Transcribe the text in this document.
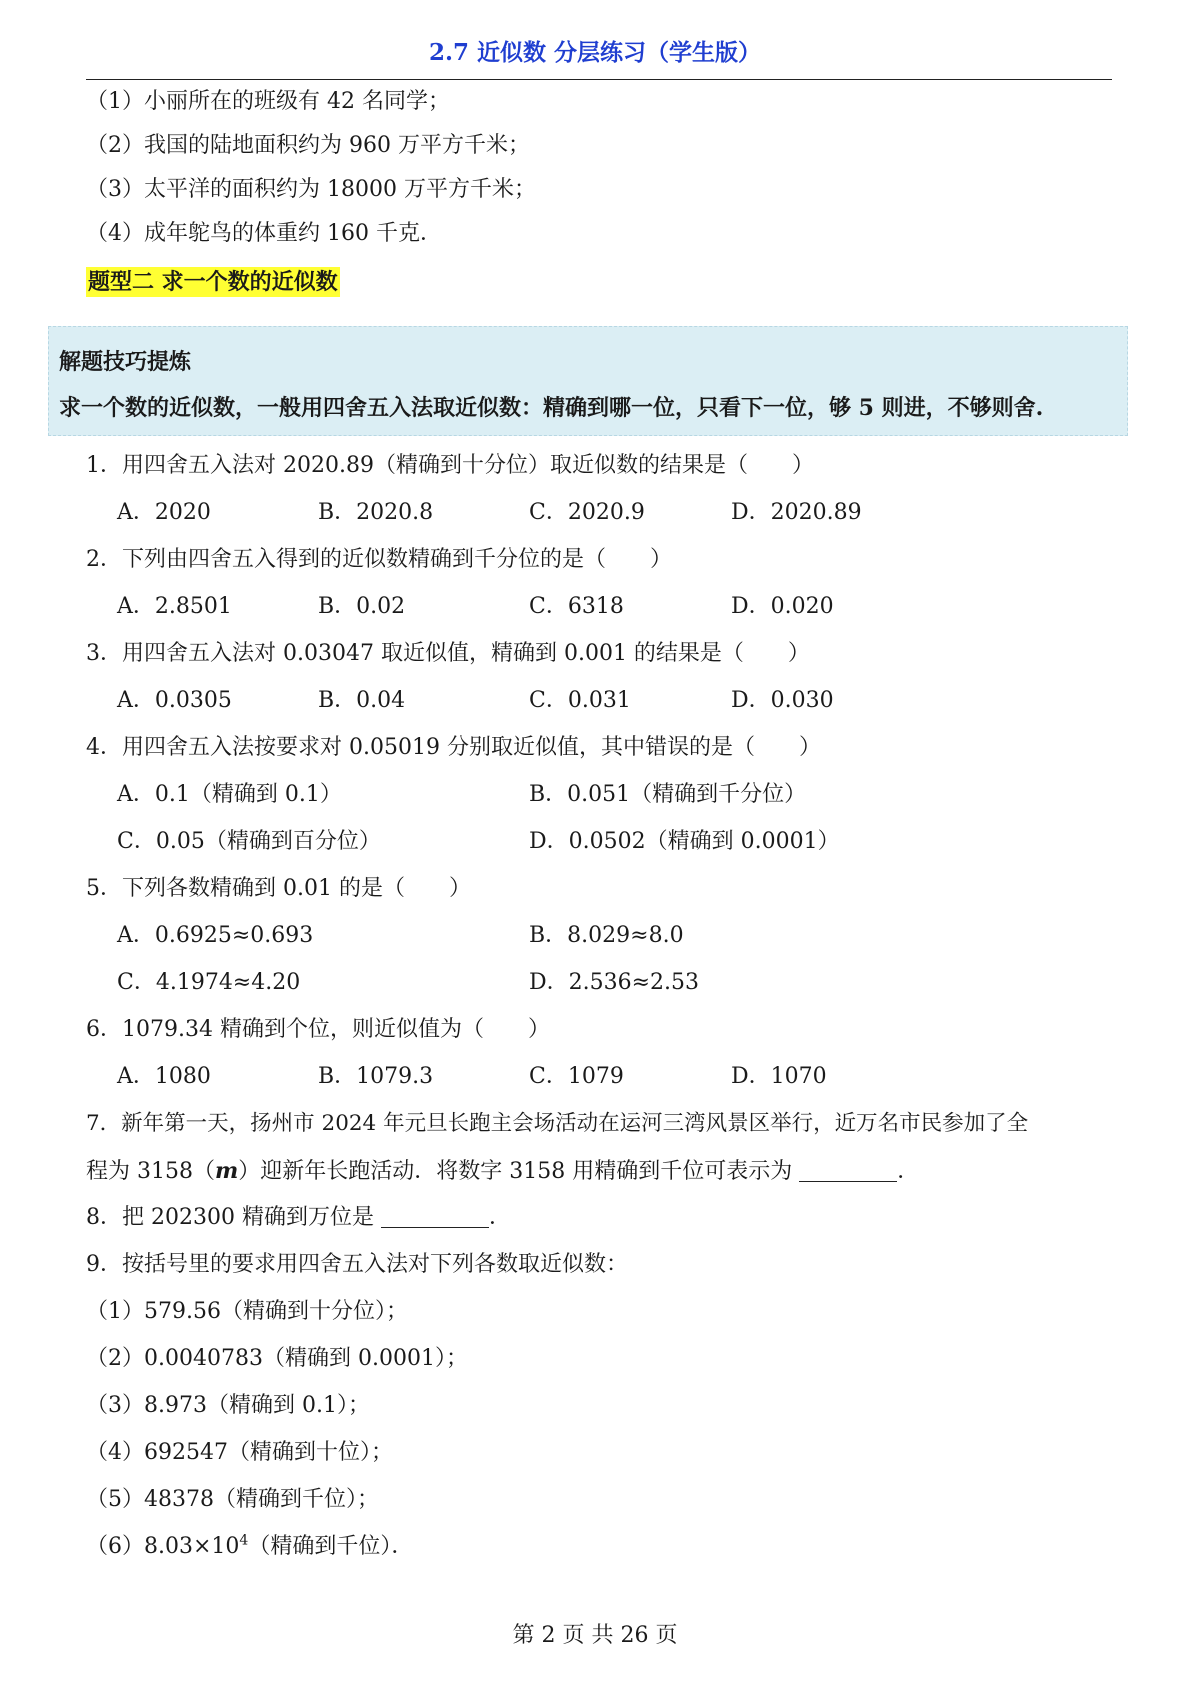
2.7 近似数 分层练习（学生版）
（1）小丽所在的班级有 42 名同学；
（2）我国的陆地面积约为 960 万平方千米；
（3）太平洋的面积约为 18000 万平方千米；
（4）成年鸵鸟的体重约 160 千克．
题型二 求一个数的近似数
解题技巧提炼
求一个数的近似数，一般用四舍五入法取近似数：精确到哪一位，只看下一位，够 5 则进，不够则舍.
1．用四舍五入法对 2020.89（精确到十分位）取近似数的结果是（　　）
A．2020	B．2020.8	C．2020.9	D．2020.89
2．下列由四舍五入得到的近似数精确到千分位的是（　　）
A．2.8501	B．0.02	C．6318	D．0.020
3．用四舍五入法对 0.03047 取近似值，精确到 0.001 的结果是（　　）
A．0.0305	B．0.04	C．0.031	D．0.030
4．用四舍五入法按要求对 0.05019 分别取近似值，其中错误的是（　　）
A．0.1（精确到 0.1）	B．0.051（精确到千分位）
C．0.05（精确到百分位）	D．0.0502（精确到 0.0001）
5．下列各数精确到 0.01 的是（　　）
A．0.6925≈0.693	B．8.029≈8.0
C．4.1974≈4.20	D．2.536≈2.53
6．1079.34 精确到个位，则近似值为（　　）
A．1080	B．1079.3	C．1079	D．1070
7．新年第一天，扬州市 2024 年元旦长跑主会场活动在运河三湾风景区举行，近万名市民参加了全
程为 3158（m）迎新年长跑活动．将数字 3158 用精确到千位可表示为	．
8．把 202300 精确到万位是	．
9．按括号里的要求用四舍五入法对下列各数取近似数：
（1）579.56（精确到十分位）；
（2）0.0040783（精确到 0.0001）；
（3）8.973（精确到 0.1）；
（4）692547（精确到十位）；
（5）48378（精确到千位）；
$(6)8.03\times 10^4$（精确到千位）．
第 2 页 共 26 页
